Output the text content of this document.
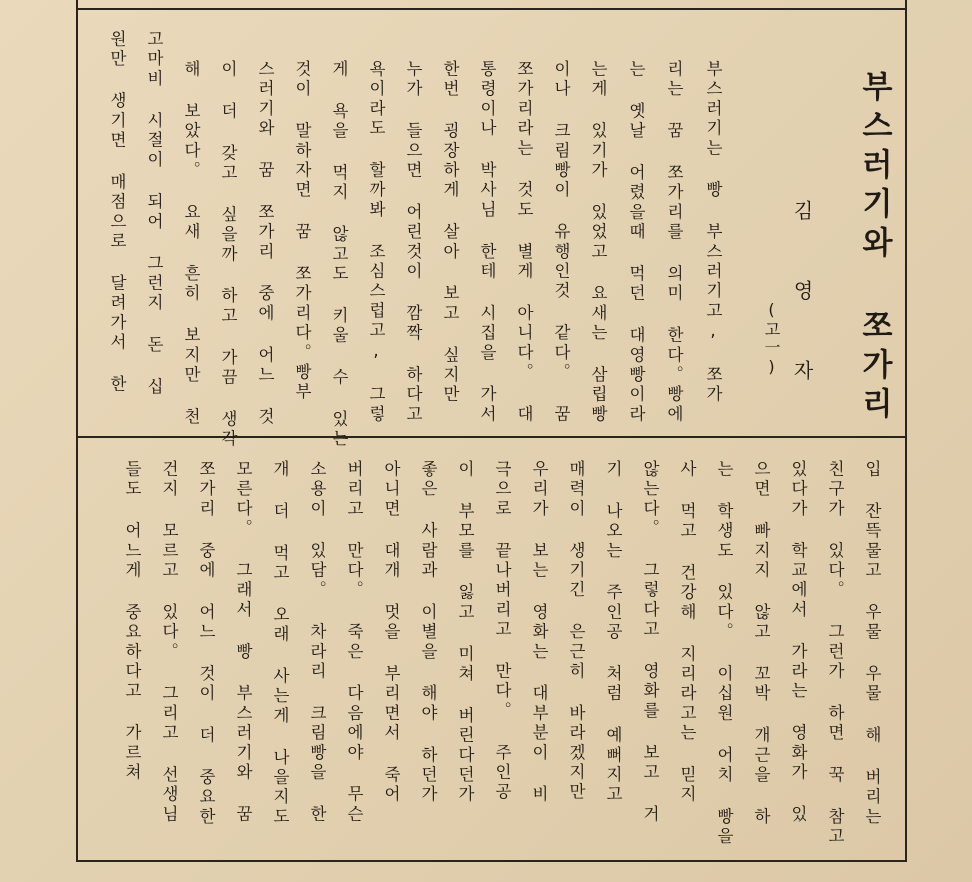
부스러기와 쪼가리
김 영 자
(고一)
부스러기는 빵 부스러기고, 쪼가
리는 꿈 쪼가리를 의미 한다。빵에
는 옛날 어렸을때 먹던 대영빵이라
는게 있기가 있었고 요새는 삼립빵
이나 크림빵이 유행인것 같다。 꿈
쪼가리라는 것도 별게 아니다。 대
통령이나 박사님 한테 시집을 가서
한번 굉장하게 살아 보고 싶지만
누가 들으면 어린것이 깜짝 하다고
욕이라도 할까봐 조심스럽고, 그렇
게 욕을 먹지 않고도 키울 수 있는
것이 말하자면 꿈 쪼가리다。빵부
스러기와 꿈 쪼가리 중에 어느 것
이 더 갖고 싶을까 하고 가끔 생각
해 보았다。 요새 흔히 보지만 천
고마비 시절이 되어 그런지 돈 십
원만 생기면 매점으로 달려가서 한
입 잔뜩물고 우물 우물 해 버리는
친구가 있다。 그런가 하면 꾹 참고
있다가 학교에서 가라는 영화가 있
으면 빠지지 않고 꼬박 개근을 하
는 학생도 있다。 이십원 어치 빵을
사 먹고 건강해 지리라고는 믿지
않는다。 그렇다고 영화를 보고 거
기 나오는 주인공 처럼 예뻐지고
매력이 생기긴 은근히 바라겠지만
우리가 보는 영화는 대부분이 비
극으로 끝나버리고 만다。 주인공
이 부모를 잃고 미쳐 버린다던가
좋은 사람과 이별을 해야 하던가
아니면 대개 멋을 부리면서 죽어
버리고 만다。 죽은 다음에야 무슨
소용이 있담。 차라리 크림빵을 한
개 더 먹고 오래 사는게 나을지도
모른다。 그래서 빵 부스러기와 꿈
쪼가리 중에 어느 것이 더 중요한
건지 모르고 있다。 그리고 선생님
들도 어느게 중요하다고 가르쳐
